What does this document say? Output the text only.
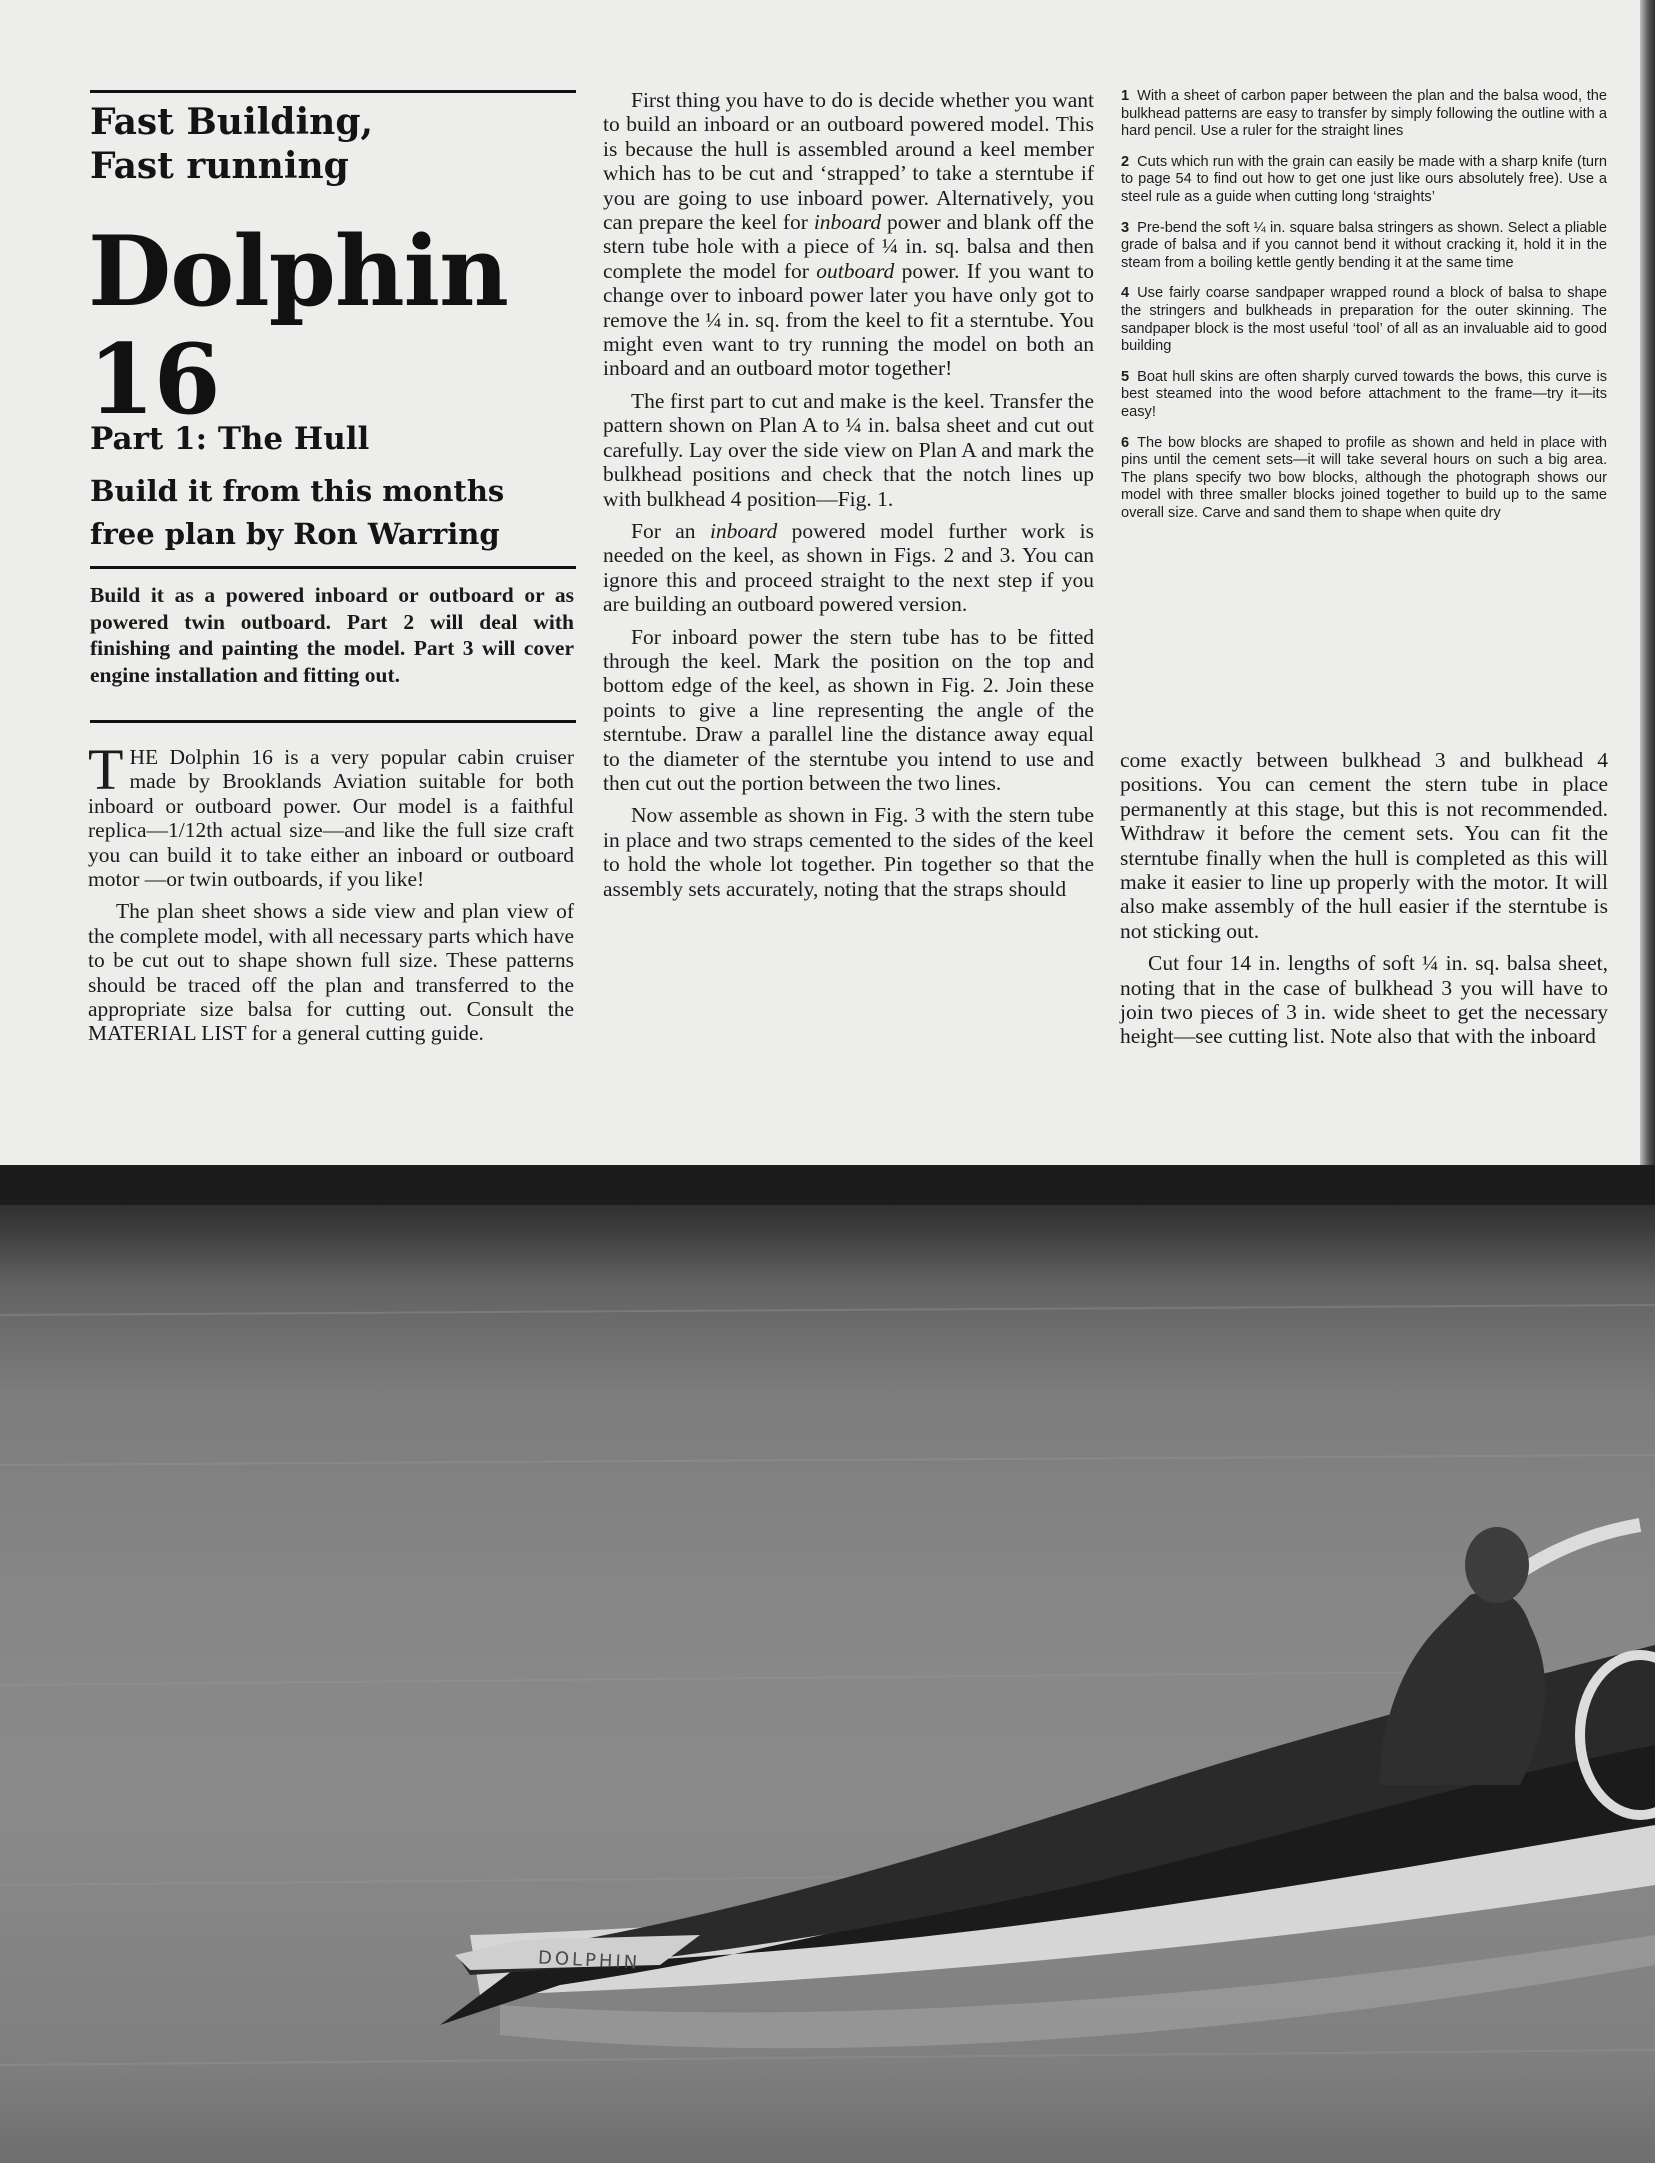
Fast Building,
Fast running
Dolphin
16
Part 1: The Hull
Build it from this months
free plan by Ron Warring
Build it as a powered inboard or outboard or as powered twin outboard. Part 2 will deal with finishing and painting the model. Part 3 will cover engine installation and fitting out.

THE Dolphin 16 is a very popular cabin cruiser made by Brooklands Aviation suitable for both inboard or outboard power. Our model is a faithful replica—1/12th actual size—and like the full size craft you can build it to take either an inboard or outboard motor —or twin outboards, if you like!

The plan sheet shows a side view and plan view of the complete model, with all necessary parts which have to be cut out to shape shown full size. These patterns should be traced off the plan and transferred to the appropriate size balsa for cutting out. Consult the MATERIAL LIST for a general cutting guide.

First thing you have to do is decide whether you want to build an inboard or an outboard powered model. This is because the hull is assembled around a keel member which has to be cut and ‘strapped’ to take a sterntube if you are going to use inboard power. Alternatively, you can prepare the keel for inboard power and blank off the stern tube hole with a piece of ¼ in. sq. balsa and then complete the model for outboard power. If you want to change over to inboard power later you have only got to remove the ¼ in. sq. from the keel to fit a sterntube. You might even want to try running the model on both an inboard and an outboard motor together!

The first part to cut and make is the keel. Transfer the pattern shown on Plan A to ¼ in. balsa sheet and cut out carefully. Lay over the side view on Plan A and mark the bulkhead positions and check that the notch lines up with bulkhead 4 position—Fig. 1.

For an inboard powered model further work is needed on the keel, as shown in Figs. 2 and 3. You can ignore this and proceed straight to the next step if you are building an outboard powered version.

For inboard power the stern tube has to be fitted through the keel. Mark the position on the top and bottom edge of the keel, as shown in Fig. 2. Join these points to give a line representing the angle of the sterntube. Draw a parallel line the distance away equal to the diameter of the sterntube you intend to use and then cut out the portion between the two lines.

Now assemble as shown in Fig. 3 with the stern tube in place and two straps cemented to the sides of the keel to hold the whole lot together. Pin together so that the assembly sets accurately, noting that the straps should

1 With a sheet of carbon paper between the plan and the balsa wood, the bulkhead patterns are easy to transfer by simply following the outline with a hard pencil. Use a ruler for the straight lines
2 Cuts which run with the grain can easily be made with a sharp knife (turn to page 54 to find out how to get one just like ours absolutely free). Use a steel rule as a guide when cutting long ‘straights’
3 Pre-bend the soft ¼ in. square balsa stringers as shown. Select a pliable grade of balsa and if you cannot bend it without cracking it, hold it in the steam from a boiling kettle gently bending it at the same time
4 Use fairly coarse sandpaper wrapped round a block of balsa to shape the stringers and bulkheads in preparation for the outer skinning. The sandpaper block is the most useful ‘tool’ of all as an invaluable aid to good building
5 Boat hull skins are often sharply curved towards the bows, this curve is best steamed into the wood before attachment to the frame—try it—its easy!
6 The bow blocks are shaped to profile as shown and held in place with pins until the cement sets—it will take several hours on such a big area. The plans specify two bow blocks, although the photograph shows our model with three smaller blocks joined together to build up to the same overall size. Carve and sand them to shape when quite dry

come exactly between bulkhead 3 and bulkhead 4 positions. You can cement the stern tube in place permanently at this stage, but this is not recommended. Withdraw it before the cement sets. You can fit the sterntube finally when the hull is completed as this will make it easier to line up properly with the motor. It will also make assembly of the hull easier if the sterntube is not sticking out.

Cut four 14 in. lengths of soft ¼ in. sq. balsa sheet, noting that in the case of bulkhead 3 you will have to join two pieces of 3 in. wide sheet to get the necessary height—see cutting list. Note also that with the inboard

DOLPHIN
